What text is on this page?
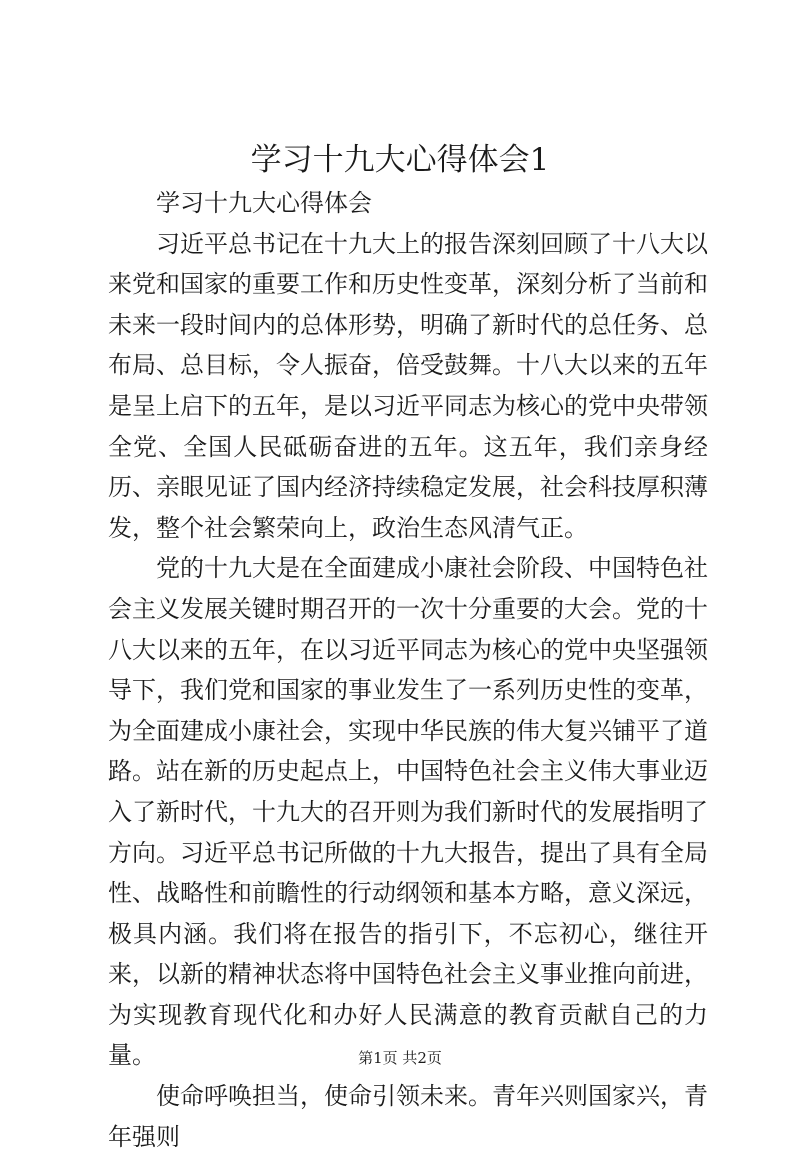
学习十九大心得体会1

学习十九大心得体会

习近平总书记在十九大上的报告深刻回顾了十八大以来党和国家的重要工作和历史性变革，深刻分析了当前和未来一段时间内的总体形势，明确了新时代的总任务、总布局、总目标，令人振奋，倍受鼓舞。十八大以来的五年是呈上启下的五年，是以习近平同志为核心的党中央带领全党、全国人民砥砺奋进的五年。这五年，我们亲身经历、亲眼见证了国内经济持续稳定发展，社会科技厚积薄发，整个社会繁荣向上，政治生态风清气正。

党的十九大是在全面建成小康社会阶段、中国特色社会主义发展关键时期召开的一次十分重要的大会。党的十八大以来的五年，在以习近平同志为核心的党中央坚强领导下，我们党和国家的事业发生了一系列历史性的变革，为全面建成小康社会，实现中华民族的伟大复兴铺平了道路。站在新的历史起点上，中国特色社会主义伟大事业迈入了新时代，十九大的召开则为我们新时代的发展指明了方向。习近平总书记所做的十九大报告，提出了具有全局性、战略性和前瞻性的行动纲领和基本方略，意义深远，极具内涵。我们将在报告的指引下，不忘初心，继往开来，以新的精神状态将中国特色社会主义事业推向前进，为实现教育现代化和办好人民满意的教育贡献自己的力量。

使命呼唤担当，使命引领未来。青年兴则国家兴，青年强则

第1页 共2页
